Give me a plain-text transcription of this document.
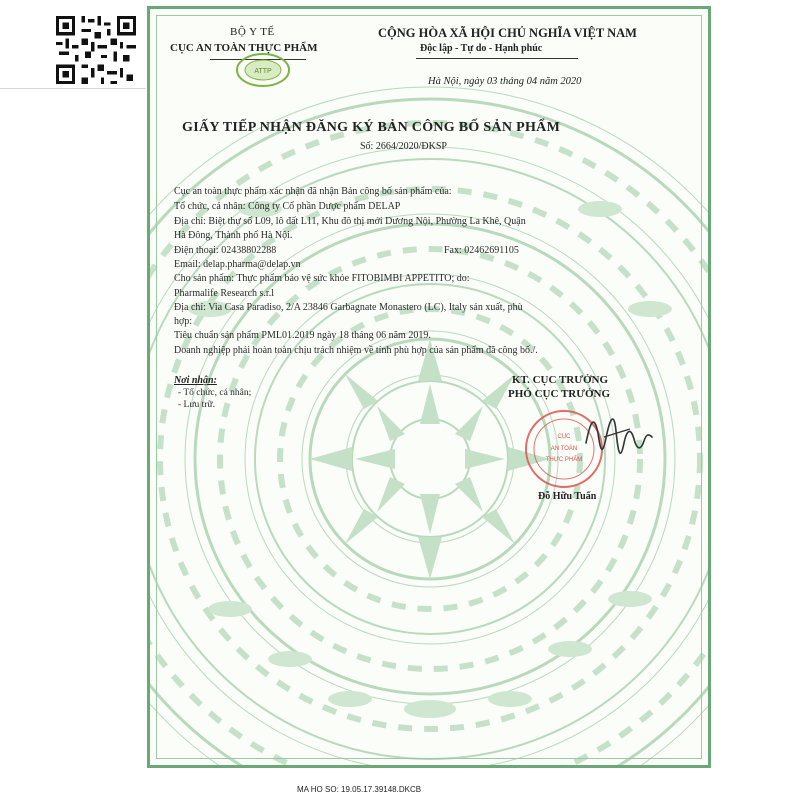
BỘ Y TẾ
CỤC AN TOÀN THỰC PHẨM
ATTP
CỘNG HÒA XÃ HỘI CHỦ NGHĨA VIỆT NAM
Độc lập - Tự do - Hạnh phúc
Hà Nội, ngày 03 tháng 04 năm 2020
GIẤY TIẾP NHẬN ĐĂNG KÝ BẢN CÔNG BỐ SẢN PHẨM
Số: 2664/2020/ĐKSP
Cục an toàn thực phẩm xác nhận đã nhận Bản công bố sản phẩm của:
Tổ chức, cá nhân: Công ty Cổ phần Dược phẩm DELAP
Địa chỉ: Biệt thự số L09, lô đất L11, Khu đô thị mới Dương Nội, Phường La Khê, Quận
Hà Đông, Thành phố Hà Nội.
Điện thoại: 02438802288	Fax: 02462691105
Email: delap.pharma@delap.vn
Cho sản phẩm: Thực phẩm bảo vệ sức khỏe FITOBIMBI APPETITO; do:
Pharmalife Research s.r.l
Địa chỉ: Via Casa Paradiso, 2/A 23846 Garbagnate Monastero (LC), Italy sản xuất, phù
hợp:
Tiêu chuẩn sản phẩm PML01.2019 ngày 18 tháng 06 năm 2019.
Doanh nghiệp phải hoàn toàn chịu trách nhiệm về tính phù hợp của sản phẩm đã công bố./.
Nơi nhận:
- Tổ chức, cá nhân;
- Lưu trữ.
KT. CỤC TRƯỞNG
PHÓ CỤC TRƯỞNG
CỤC
AN TOÀN
THỰC PHẨM
Đỗ Hữu Tuấn
MA HO SO: 19.05.17.39148.DKCB
